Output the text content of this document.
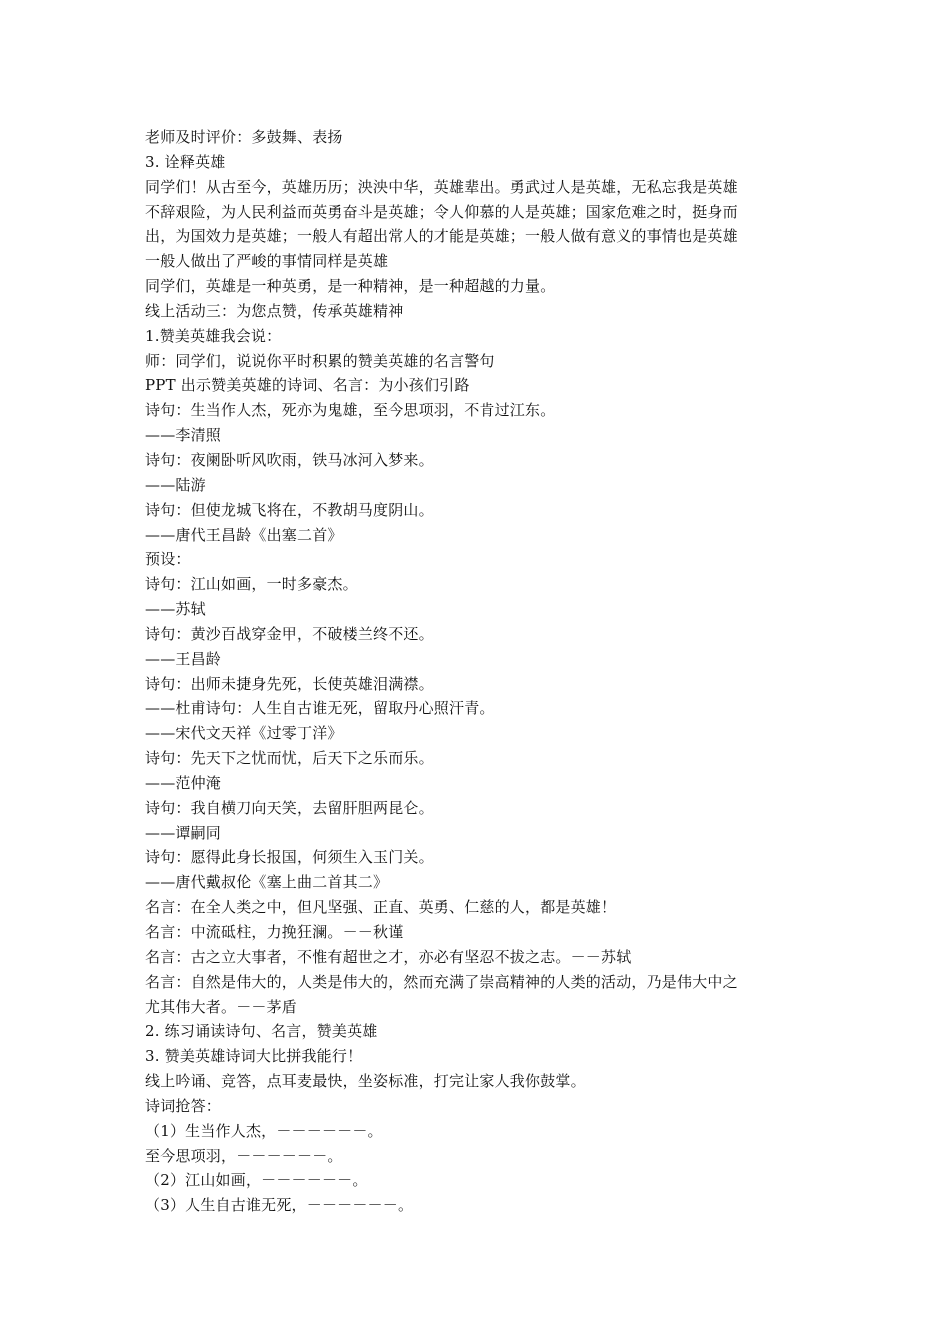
老师及时评价：多鼓舞、表扬
3. 诠释英雄
同学们！从古至今，英雄历历；泱泱中华，英雄辈出。勇武过人是英雄，无私忘我是英雄
不辞艰险，为人民利益而英勇奋斗是英雄；令人仰慕的人是英雄；国家危难之时，挺身而
出，为国效力是英雄；一般人有超出常人的才能是英雄；一般人做有意义的事情也是英雄
一般人做出了严峻的事情同样是英雄
同学们，英雄是一种英勇，是一种精神，是一种超越的力量。
线上活动三：为您点赞，传承英雄精神
1.赞美英雄我会说：
师：同学们，说说你平时积累的赞美英雄的名言警句
PPT 出示赞美英雄的诗词、名言：为小孩们引路
诗句：生当作人杰，死亦为鬼雄，至今思项羽，不肯过江东。
——李清照
诗句：夜阑卧听风吹雨，铁马冰河入梦来。
——陆游
诗句：但使龙城飞将在，不教胡马度阴山。
——唐代王昌龄《出塞二首》
预设：
诗句：江山如画，一时多豪杰。
——苏轼
诗句：黄沙百战穿金甲，不破楼兰终不还。
——王昌龄
诗句：出师未捷身先死，长使英雄泪满襟。
——杜甫诗句：人生自古谁无死，留取丹心照汗青。
——宋代文天祥《过零丁洋》
诗句：先天下之忧而忧，后天下之乐而乐。
——范仲淹
诗句：我自横刀向天笑，去留肝胆两昆仑。
——谭嗣同
诗句：愿得此身长报国，何须生入玉门关。
——唐代戴叔伦《塞上曲二首其二》
名言：在全人类之中，但凡坚强、正直、英勇、仁慈的人，都是英雄！
名言：中流砥柱，力挽狂澜。－－秋谨
名言：古之立大事者，不惟有超世之才，亦必有坚忍不拔之志。－－苏轼
名言：自然是伟大的，人类是伟大的，然而充满了崇高精神的人类的活动，乃是伟大中之
尤其伟大者。－－茅盾
2. 练习诵读诗句、名言，赞美英雄
3. 赞美英雄诗词大比拼我能行！
线上吟诵、竞答，点耳麦最快，坐姿标准，打完让家人我你鼓掌。
诗词抢答：
（1）生当作人杰，－－－－－－。
至今思项羽，－－－－－－。
（2）江山如画，－－－－－－。
（3）人生自古谁无死，－－－－－－。
